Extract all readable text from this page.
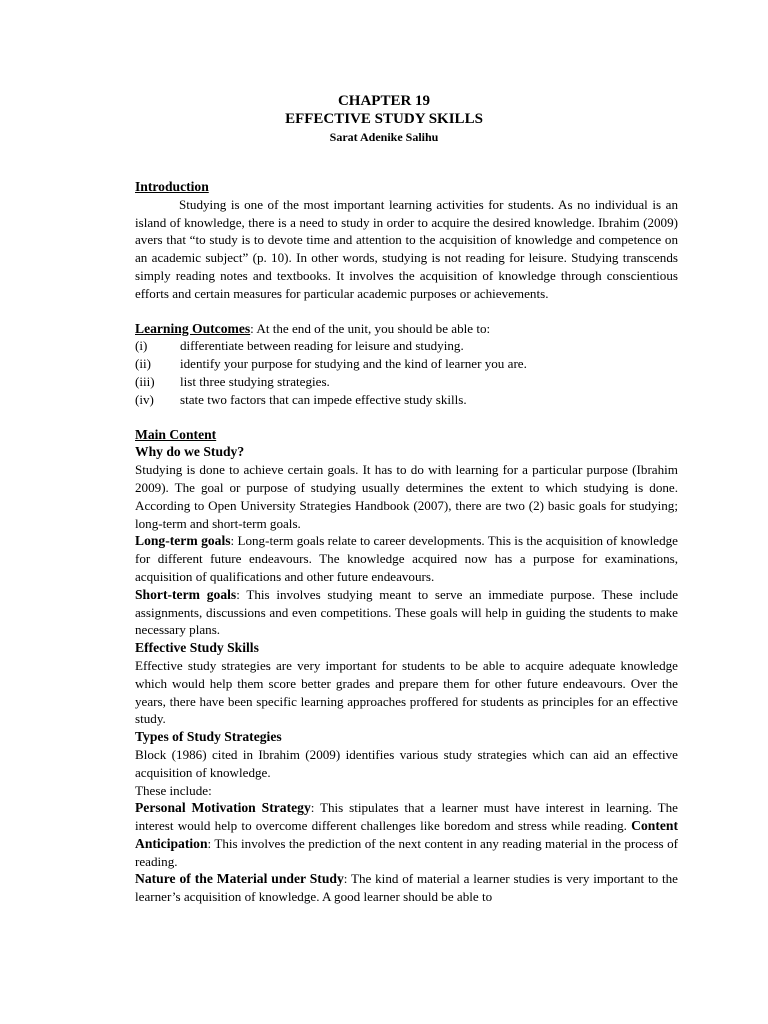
CHAPTER 19
EFFECTIVE STUDY SKILLS
Sarat Adenike Salihu
Introduction

Studying is one of the most important learning activities for students. As no individual is an island of knowledge, there is a need to study in order to acquire the desired knowledge. Ibrahim (2009) avers that “to study is to devote time and attention to the acquisition of knowledge and competence on an academic subject” (p. 10). In other words, studying is not reading for leisure. Studying transcends simply reading notes and textbooks. It involves the acquisition of knowledge through conscientious efforts and certain measures for particular academic purposes or achievements.

Learning Outcomes: At the end of the unit, you should be able to:

(i)	differentiate between reading for leisure and studying.
(ii)	identify your purpose for studying and the kind of learner you are.
(iii)	list three studying strategies.
(iv)	state two factors that can impede effective study skills.
Main Content
Why do we Study?

Studying is done to achieve certain goals. It has to do with learning for a particular purpose (Ibrahim 2009). The goal or purpose of studying usually determines the extent to which studying is done. According to Open University Strategies Handbook (2007), there are two (2) basic goals for studying; long-term and short-term goals.

Long-term goals: Long-term goals relate to career developments. This is the acquisition of knowledge for different future endeavours. The knowledge acquired now has a purpose for examinations, acquisition of qualifications and other future endeavours.

Short-term goals: This involves studying meant to serve an immediate purpose. These include assignments, discussions and even competitions. These goals will help in guiding the students to make necessary plans.

Effective Study Skills

Effective study strategies are very important for students to be able to acquire adequate knowledge which would help them score better grades and prepare them for other future endeavours. Over the years, there have been specific learning approaches proffered for students as principles for an effective study.

Types of Study Strategies

Block (1986) cited in Ibrahim (2009) identifies various study strategies which can aid an effective acquisition of knowledge.

These include:

Personal Motivation Strategy: This stipulates that a learner must have interest in learning. The interest would help to overcome different challenges like boredom and stress while reading. Content Anticipation: This involves the prediction of the next content in any reading material in the process of reading.

Nature of the Material under Study: The kind of material a learner studies is very important to the learner’s acquisition of knowledge. A good learner should be able to
